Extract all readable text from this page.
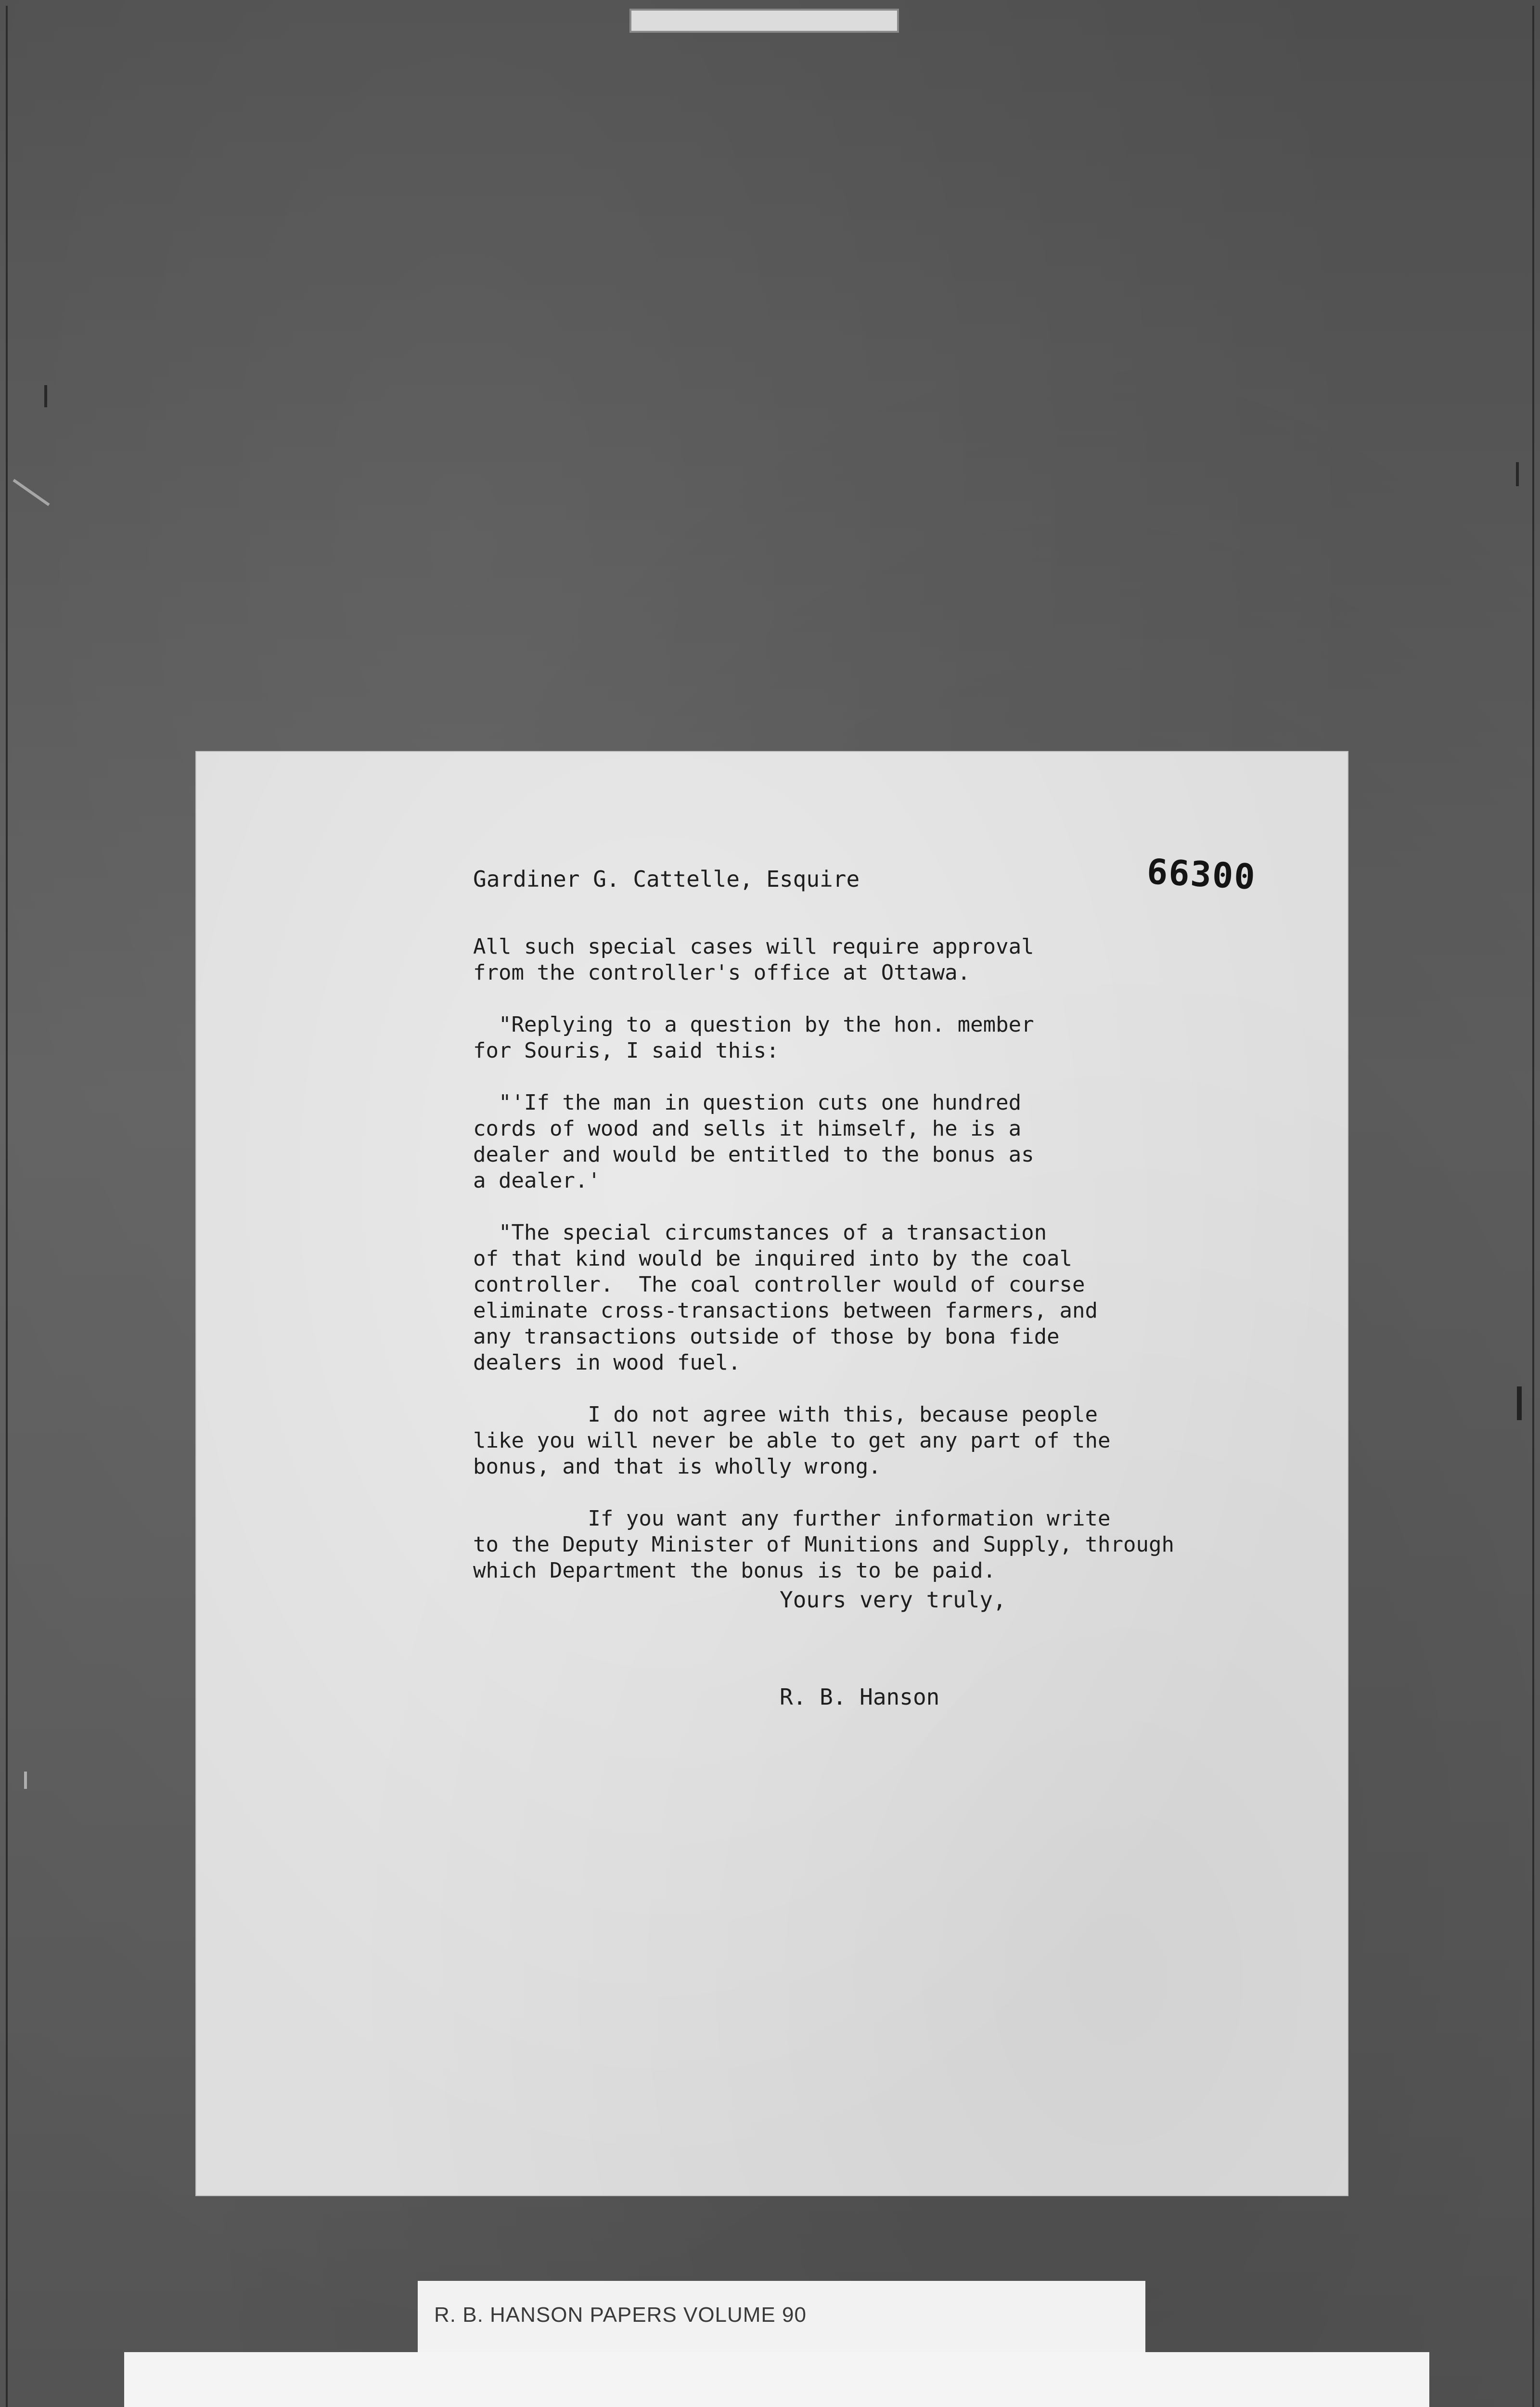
Gardiner G. Cattelle, Esquire	66300
All such special cases will require approval
from the controller's office at Ottawa.
"Replying to a question by the hon. member
for Souris, I said this:
"'If the man in question cuts one hundred
cords of wood and sells it himself, he is a
dealer and would be entitled to the bonus as
a dealer.'
"The special circumstances of a transaction
of that kind would be inquired into by the coal
controller.  The coal controller would of course
eliminate cross-transactions between farmers, and
any transactions outside of those by bona fide
dealers in wood fuel.
I do not agree with this, because people
like you will never be able to get any part of the
bonus, and that is wholly wrong.
If you want any further information write
to the Deputy Minister of Munitions and Supply, through
which Department the bonus is to be paid.
Yours very truly,
R. B. Hanson
R. B. HANSON PAPERS VOLUME 90
